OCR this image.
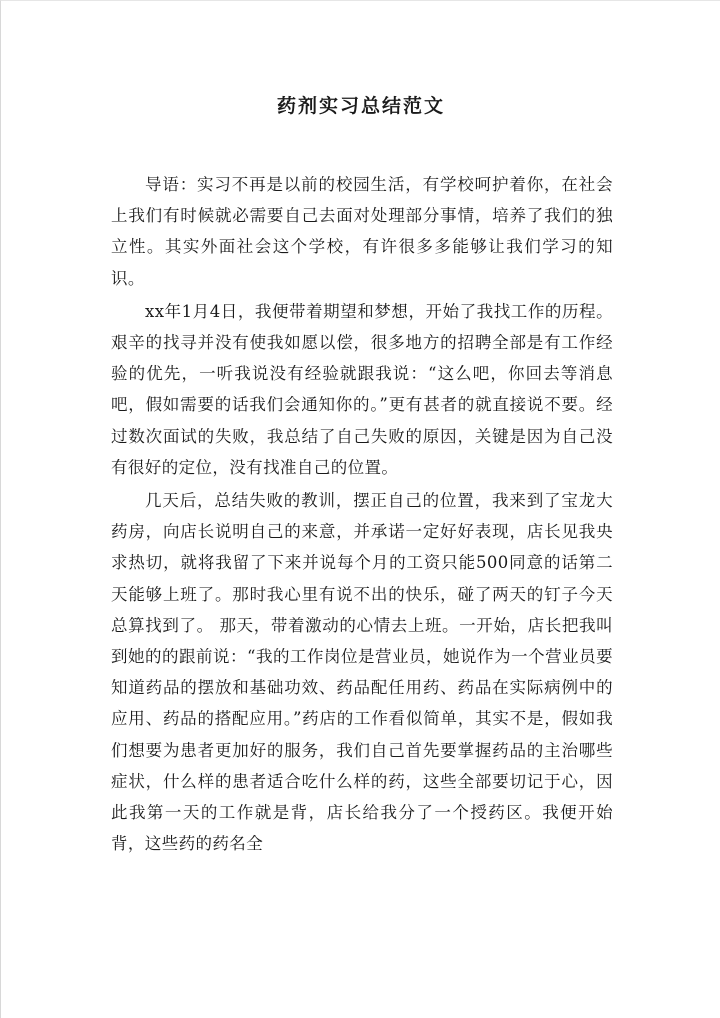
药剂实习总结范文

导语：实习不再是以前的校园生活，有学校呵护着你，在社会上我们有时候就必需要自己去面对处理部分事情，培养了我们的独立性。其实外面社会这个学校，有许很多多能够让我们学习的知识。

xx年1月4日，我便带着期望和梦想，开始了我找工作的历程。艰辛的找寻并没有使我如愿以偿，很多地方的招聘全部是有工作经验的优先，一听我说没有经验就跟我说：“这么吧，你回去等消息吧，假如需要的话我们会通知你的。”更有甚者的就直接说不要。经过数次面试的失败，我总结了自己失败的原因，关键是因为自己没有很好的定位，没有找准自己的位置。

几天后，总结失败的教训，摆正自己的位置，我来到了宝龙大药房，向店长说明自己的来意，并承诺一定好好表现，店长见我央求热切，就将我留了下来并说每个月的工资只能500同意的话第二天能够上班了。那时我心里有说不出的快乐，碰了两天的钉子今天总算找到了。 那天，带着激动的心情去上班。一开始，店长把我叫到她的的跟前说：“我的工作岗位是营业员，她说作为一个营业员要知道药品的摆放和基础功效、药品配任用药、药品在实际病例中的应用、药品的搭配应用。”药店的工作看似简单，其实不是，假如我们想要为患者更加好的服务，我们自己首先要掌握药品的主治哪些症状，什么样的患者适合吃什么样的药，这些全部要切记于心，因此我第一天的工作就是背，店长给我分了一个授药区。我便开始背，这些药的药名全
